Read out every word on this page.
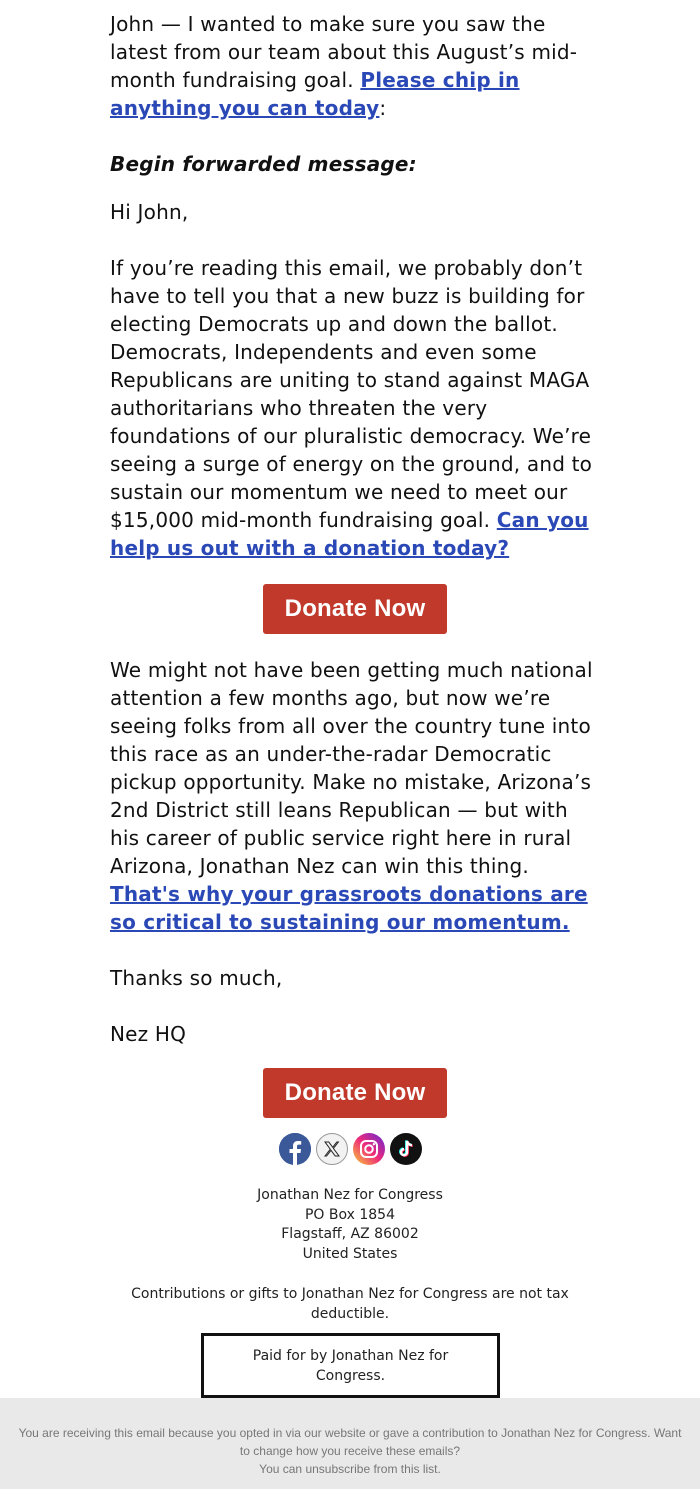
John — I wanted to make sure you saw the latest from our team about this August’s mid-month fundraising goal. Please chip in anything you can today:

Begin forwarded message:

Hi John,

If you’re reading this email, we probably don’t have to tell you that a new buzz is building for electing Democrats up and down the ballot. Democrats, Independents and even some Republicans are uniting to stand against MAGA authoritarians who threaten the very foundations of our pluralistic democracy. We’re seeing a surge of energy on the ground, and to sustain our momentum we need to meet our $15,000 mid-month fundraising goal. Can you help us out with a donation today?

Donate Now

We might not have been getting much national attention a few months ago, but now we’re seeing folks from all over the country tune into this race as an under-the-radar Democratic pickup opportunity. Make no mistake, Arizona’s 2nd District still leans Republican — but with his career of public service right here in rural Arizona, Jonathan Nez can win this thing. That's why your grassroots donations are so critical to sustaining our momentum.

Thanks so much,

Nez HQ

Donate Now
Jonathan Nez for Congress
PO Box 1854
Flagstaff, AZ 86002
United States
Contributions or gifts to Jonathan Nez for Congress are not tax deductible.
Paid for by Jonathan Nez for Congress.
You are receiving this email because you opted in via our website or gave a contribution to Jonathan Nez for Congress. Want to change how you receive these emails?
You can unsubscribe from this list.
